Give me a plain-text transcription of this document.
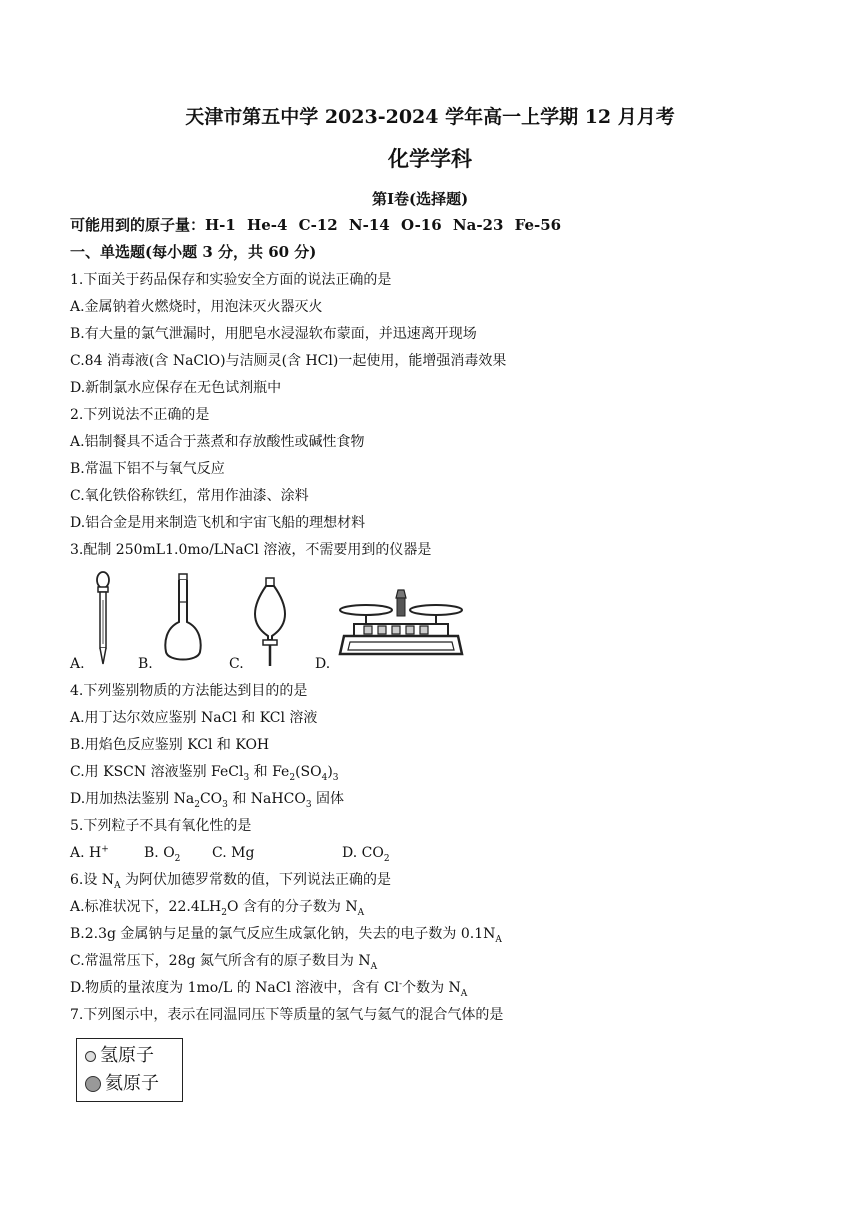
天津市第五中学 2023-2024 学年高一上学期 12 月月考
化学学科
第Ⅰ卷(选择题)
可能用到的原子量：H-1 He-4 C-12 N-14 O-16 Na-23 Fe-56
一、单选题(每小题 3 分，共 60 分)
1.下面关于药品保存和实验安全方面的说法正确的是
A.金属钠着火燃烧时，用泡沫灭火器灭火
B.有大量的氯气泄漏时，用肥皂水浸湿软布蒙面，并迅速离开现场
C.84 消毒液(含 NaClO)与洁厕灵(含 HCl)一起使用，能增强消毒效果
D.新制氯水应保存在无色试剂瓶中
2.下列说法不正确的是
A.铝制餐具不适合于蒸煮和存放酸性或碱性食物
B.常温下铝不与氧气反应
C.氧化铁俗称铁红，常用作油漆、涂料
D.铝合金是用来制造飞机和宇宙飞船的理想材料
3.配制 250mL1.0mo/LNaCl 溶液，不需要用到的仪器是
A.	B.	C.	D.
4.下列鉴别物质的方法能达到目的的是
A.用丁达尔效应鉴别 NaCl 和 KCl 溶液
B.用焰色反应鉴别 KCl 和 KOH
C.用 KSCN 溶液鉴别 FeCl$_3$ 和 $Fe_2(SO_4)_3$
D.用加热法鉴别 $Na_2CO_3$ 和 NaHCO$_3$ 固体
5.下列粒子不具有氧化性的是
A. H+	B. $O_2$ C. Mg	D. $CO_2$
6.设 $N_A$ 为阿伏加德罗常数的值，下列说法正确的是
A.标准状况下，$22.4LH_2O$ 含有的分子数为 $N_A$
B.2.3g 金属钠与足量的氯气反应生成氯化钠，失去的电子数为 $0.1N_A$
C.常温常压下，28g 氮气所含有的原子数目为 $N_A$
D.物质的量浓度为 1mo/L 的 NaCl 溶液中，含有 Cl-个数为 $N_A$
7.下列图示中，表示在同温同压下等质量的氢气与氦气的混合气体的是
氢原子
氦原子
